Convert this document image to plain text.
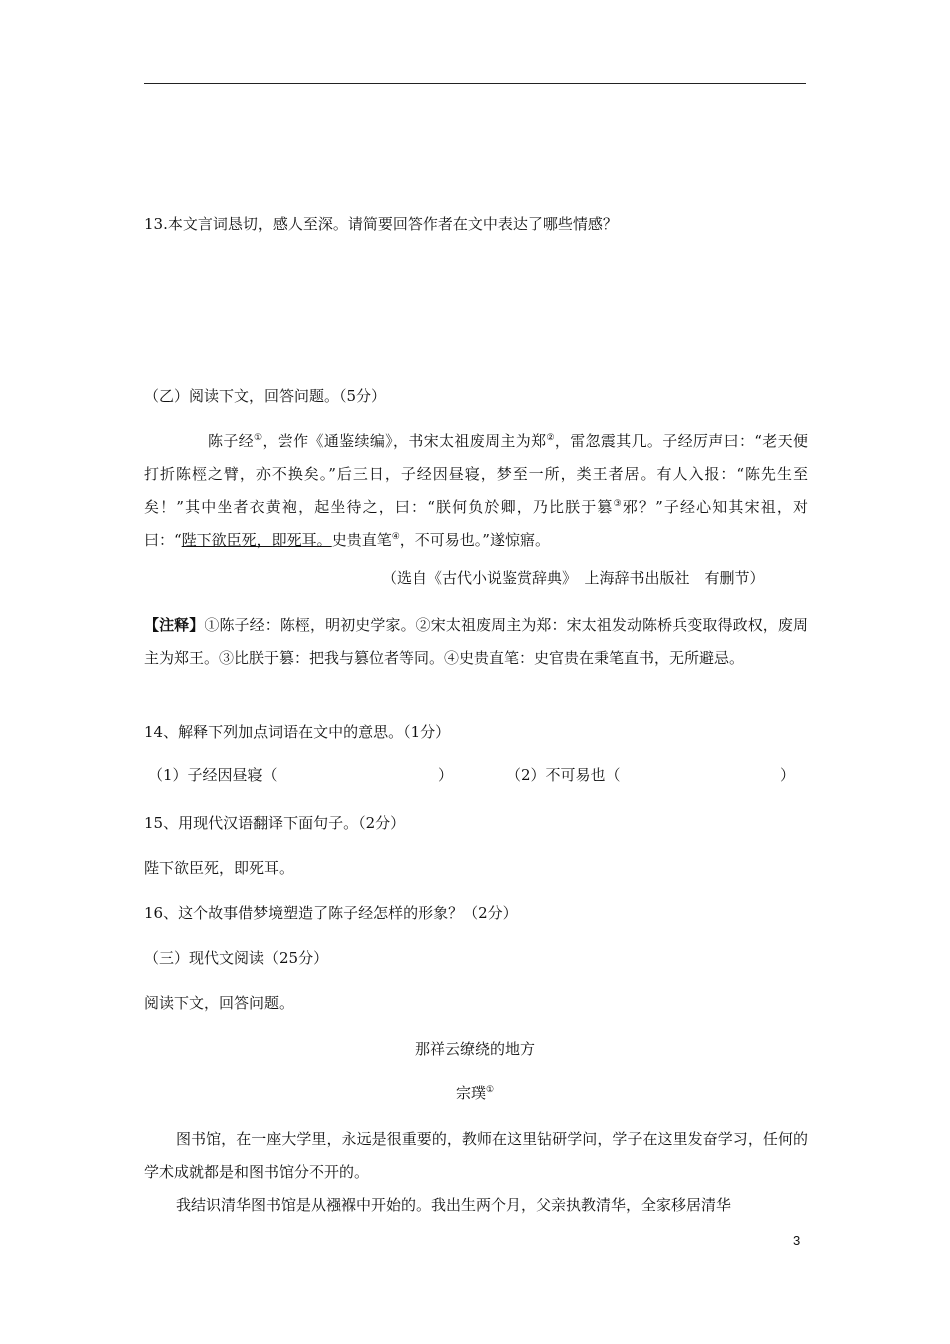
13.本文言词恳切，感人至深。请简要回答作者在文中表达了哪些情感？
（乙）阅读下文，回答问题。（5分）
陈子经①，尝作《通鉴续编》，书宋太祖废周主为郑②，雷忽震其几。子经厉声曰：“老天便打折陈桱之臂，亦不换矣。”后三日，子经因昼寝，梦至一所，类王者居。有人入报：“陈先生至矣！”其中坐者衣黄袍，起坐待之，曰：“朕何负於卿，乃比朕于篡③邪？”子经心知其宋祖，对曰：“陛下欲臣死，即死耳。史贵直笔④，不可易也。”遂惊寤。
（选自《古代小说鉴赏辞典》　上海辞书出版社　有删节）
【注释】①陈子经：陈桱，明初史学家。②宋太祖废周主为郑：宋太祖发动陈桥兵变取得政权，废周主为郑王。③比朕于篡：把我与篡位者等同。④史贵直笔：史官贵在秉笔直书，无所避忌。
14、解释下列加点词语在文中的意思。（1分）
（1）子经因昼寝（	）	（2）不可易也（	）
15、用现代汉语翻译下面句子。（2分）
陛下欲臣死，即死耳。
16、这个故事借梦境塑造了陈子经怎样的形象？（2分）
（三）现代文阅读（25分）
阅读下文，回答问题。
那祥云缭绕的地方
宗璞①
图书馆，在一座大学里，永远是很重要的，教师在这里钻研学问，学子在这里发奋学习，任何的学术成就都是和图书馆分不开的。
我结识清华图书馆是从襁褓中开始的。我出生两个月，父亲执教清华，全家移居清华
3
